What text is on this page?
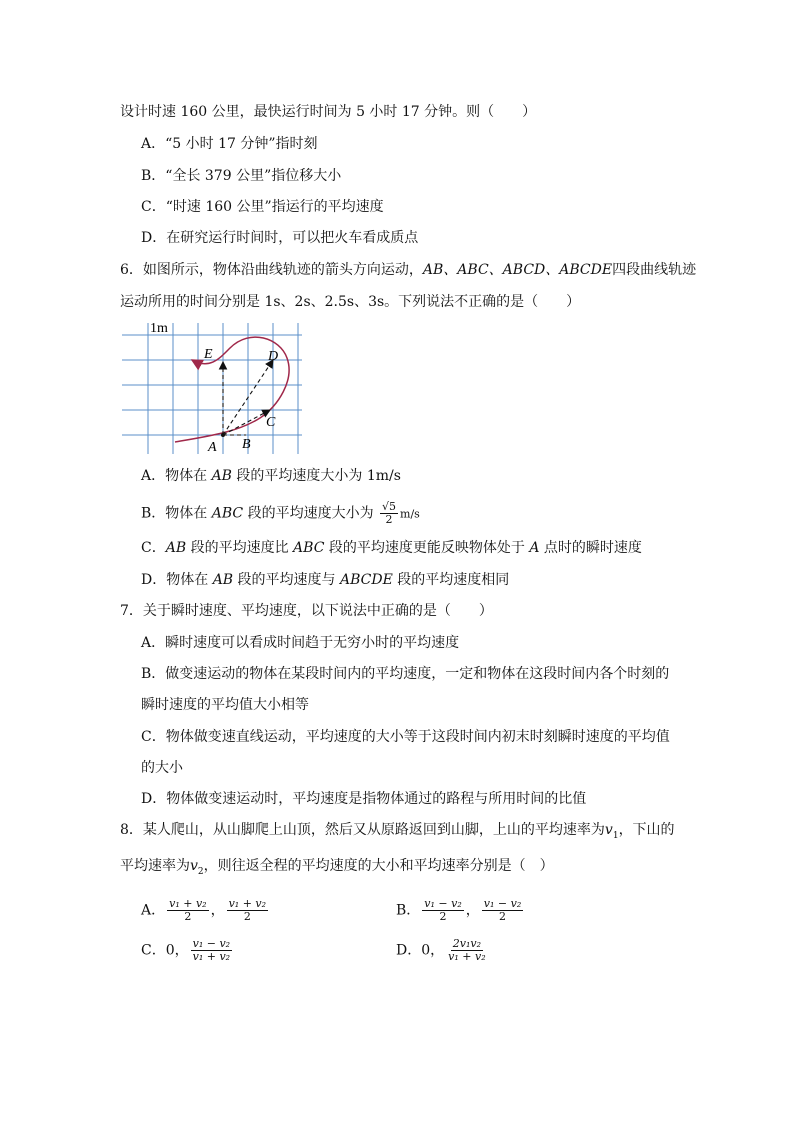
设计时速 160 公里，最快运行时间为 5 小时 17 分钟。则（　　）
A．“5 小时 17 分钟”指时刻
B．“全长 379 公里”指位移大小
C．“时速 160 公里”指运行的平均速度
D．在研究运行时间时，可以把火车看成质点
6．如图所示，物体沿曲线轨迹的箭头方向运动，AB、ABC、ABCD、ABCDE四段曲线轨迹
运动所用的时间分别是 1s、2s、2.5s、3s。下列说法不正确的是（　　）
1m
A B
C
D
E
A．物体在 AB 段的平均速度大小为 1m/s
B．物体在 ABC 段的平均速度大小为 $\frac{√5}{2} m/s$
C．AB 段的平均速度比 ABC 段的平均速度更能反映物体处于 A 点时的瞬时速度
D．物体在 AB 段的平均速度与 ABCDE 段的平均速度相同
7．关于瞬时速度、平均速度，以下说法中正确的是（　　）
A．瞬时速度可以看成时间趋于无穷小时的平均速度
B．做变速运动的物体在某段时间内的平均速度，一定和物体在这段时间内各个时刻的
瞬时速度的平均值大小相等
C．物体做变速直线运动，平均速度的大小等于这段时间内初末时刻瞬时速度的平均值
的大小
D．物体做变速运动时，平均速度是指物体通过的路程与所用时间的比值
8．某人爬山，从山脚爬上山顶，然后又从原路返回到山脚，上山的平均速率为$v_1$，下山的
平均速率为$v_2$，则往返全程的平均速度的大小和平均速率分别是（　）
A． $\frac{\text{v₁ + v₂}}{2}$ ， $\frac{\text{v₁ + v₂}}{2}$	B． $\frac{\text{v₁ − v₂}}{2}$ ， $\frac{\text{v₁ − v₂}}{2}$
C．0， $\frac{\text{v₁ − v₂}}{\text{v₁ + v₂}}$	D．0， $\frac{\text{2v₁v₂}}{\text{v₁ + v₂}}$
